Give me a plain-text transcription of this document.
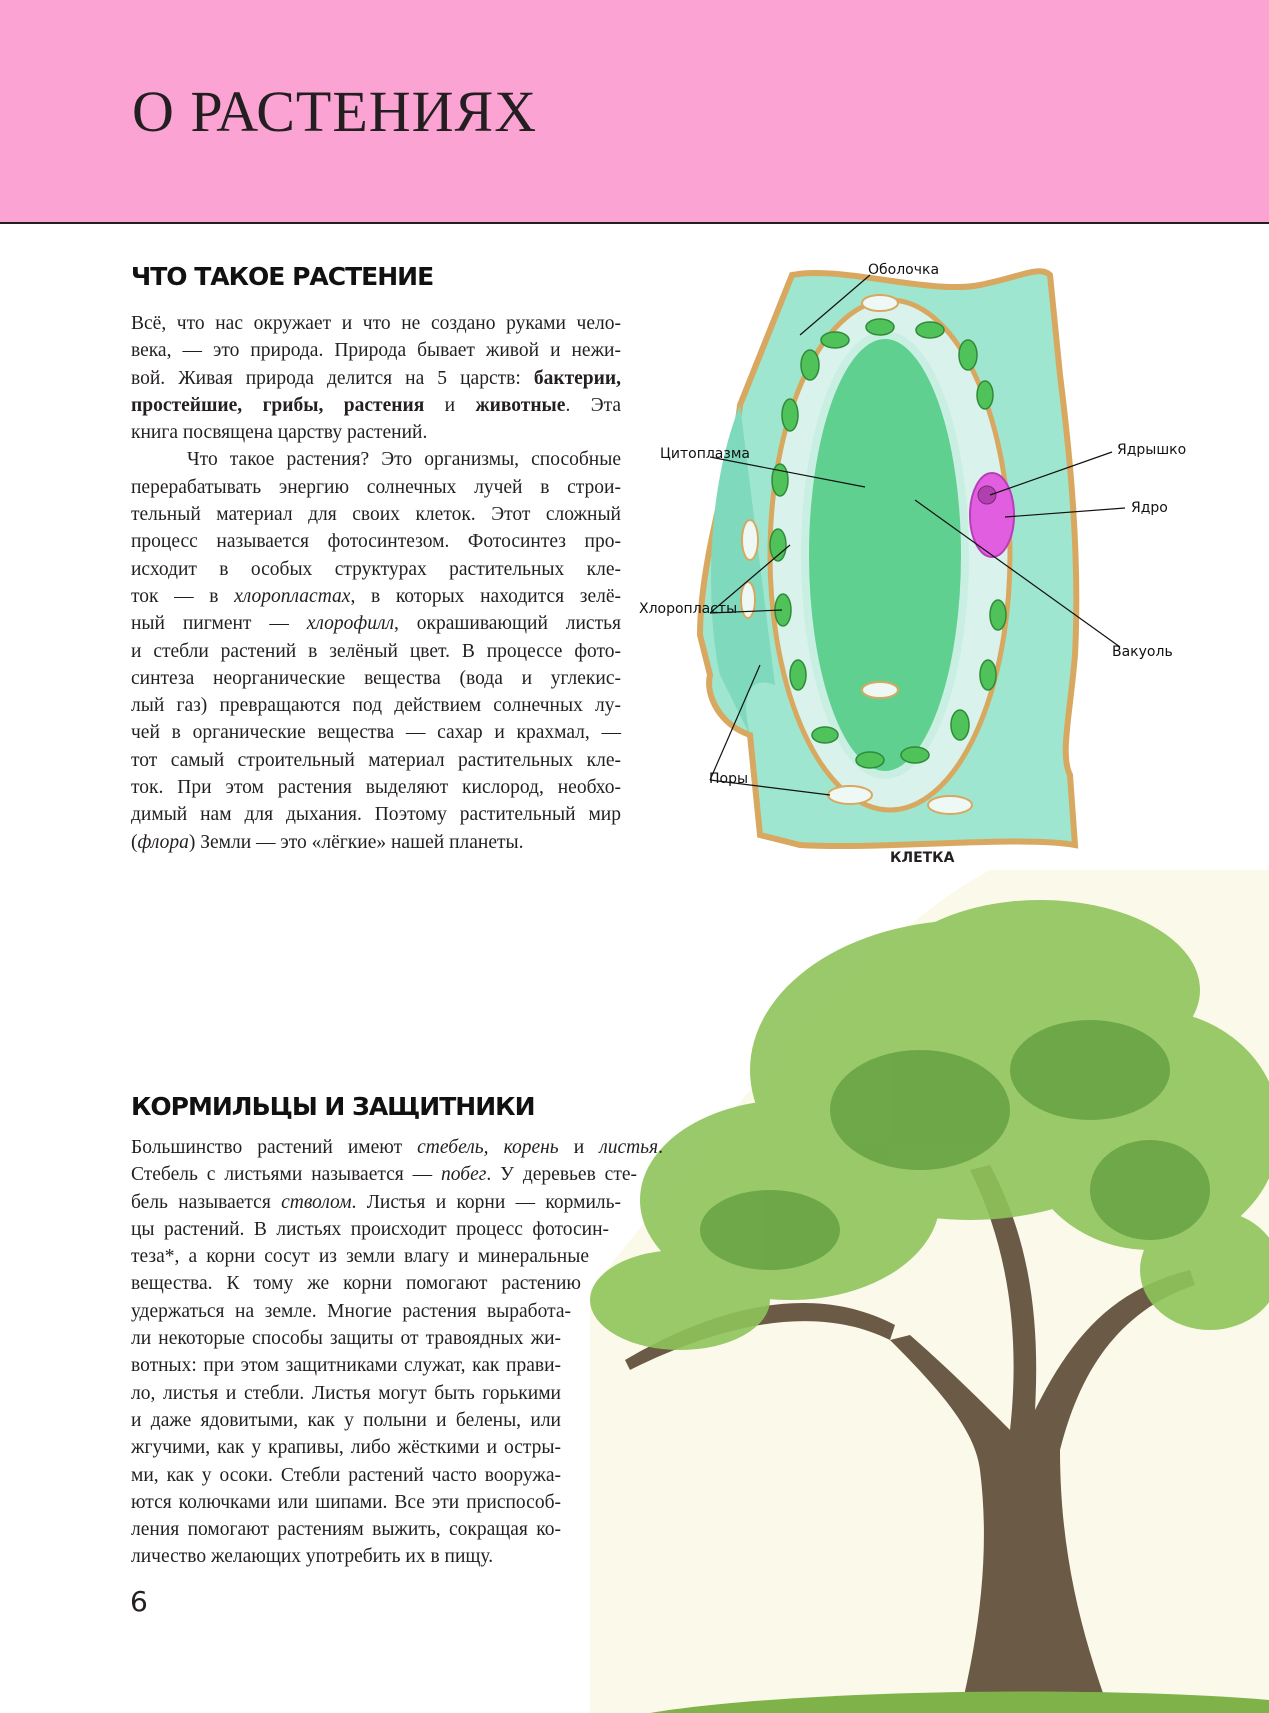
О РАСТЕНИЯХ
ЧТО ТАКОЕ РАСТЕНИЕ
Всё, что нас окружает и что не создано руками чело-
века, — это природа. Природа бывает живой и нежи-
вой. Живая природа делится на 5 царств: бактерии,
простейшие, грибы, растения и животные. Эта
книга посвящена царству растений.
Что такое растения? Это организмы, способные
перерабатывать энергию солнечных лучей в строи-
тельный материал для своих клеток. Этот сложный
процесс называется фотосинтезом. Фотосинтез про-
исходит в особых структурах растительных кле-
ток — в хлоропластах, в которых находится зелё-
ный пигмент — хлорофилл, окрашивающий листья
и стебли растений в зелёный цвет. В процессе фото-
синтеза неорганические вещества (вода и углекис-
лый газ) превращаются под действием солнечных лу-
чей в органические вещества — сахар и крахмал, —
тот самый строительный материал растительных кле-
ток. При этом растения выделяют кислород, необхо-
димый нам для дыхания. Поэтому растительный мир
(флора) Земли — это «лёгкие» нашей планеты.
Оболочка
Цитоплазма	Ядрышко
Ядро
Хлоропласты
Вакуоль
Поры
КЛЕТКА
КОРМИЛЬЦЫ И ЗАЩИТНИКИ
Большинство растений имеют стебель, корень и листья.
Стебель с листьями называется — побег. У деревьев сте-
бель называется стволом. Листья и корни — кормиль-
цы растений. В листьях происходит процесс фотосин-
теза*, а корни сосут из земли влагу и минеральные
вещества. К тому же корни помогают растению
удержаться на земле. Многие растения выработа-
ли некоторые способы защиты от травоядных жи-
вотных: при этом защитниками служат, как прави-
ло, листья и стебли. Листья могут быть горькими
и даже ядовитыми, как у полыни и белены, или
жгучими, как у крапивы, либо жёсткими и остры-
ми, как у осоки. Стебли растений часто вооружа-
ются колючками или шипами. Все эти приспособ-
ления помогают растениям выжить, сокращая ко-
личество желающих употребить их в пищу.
6
